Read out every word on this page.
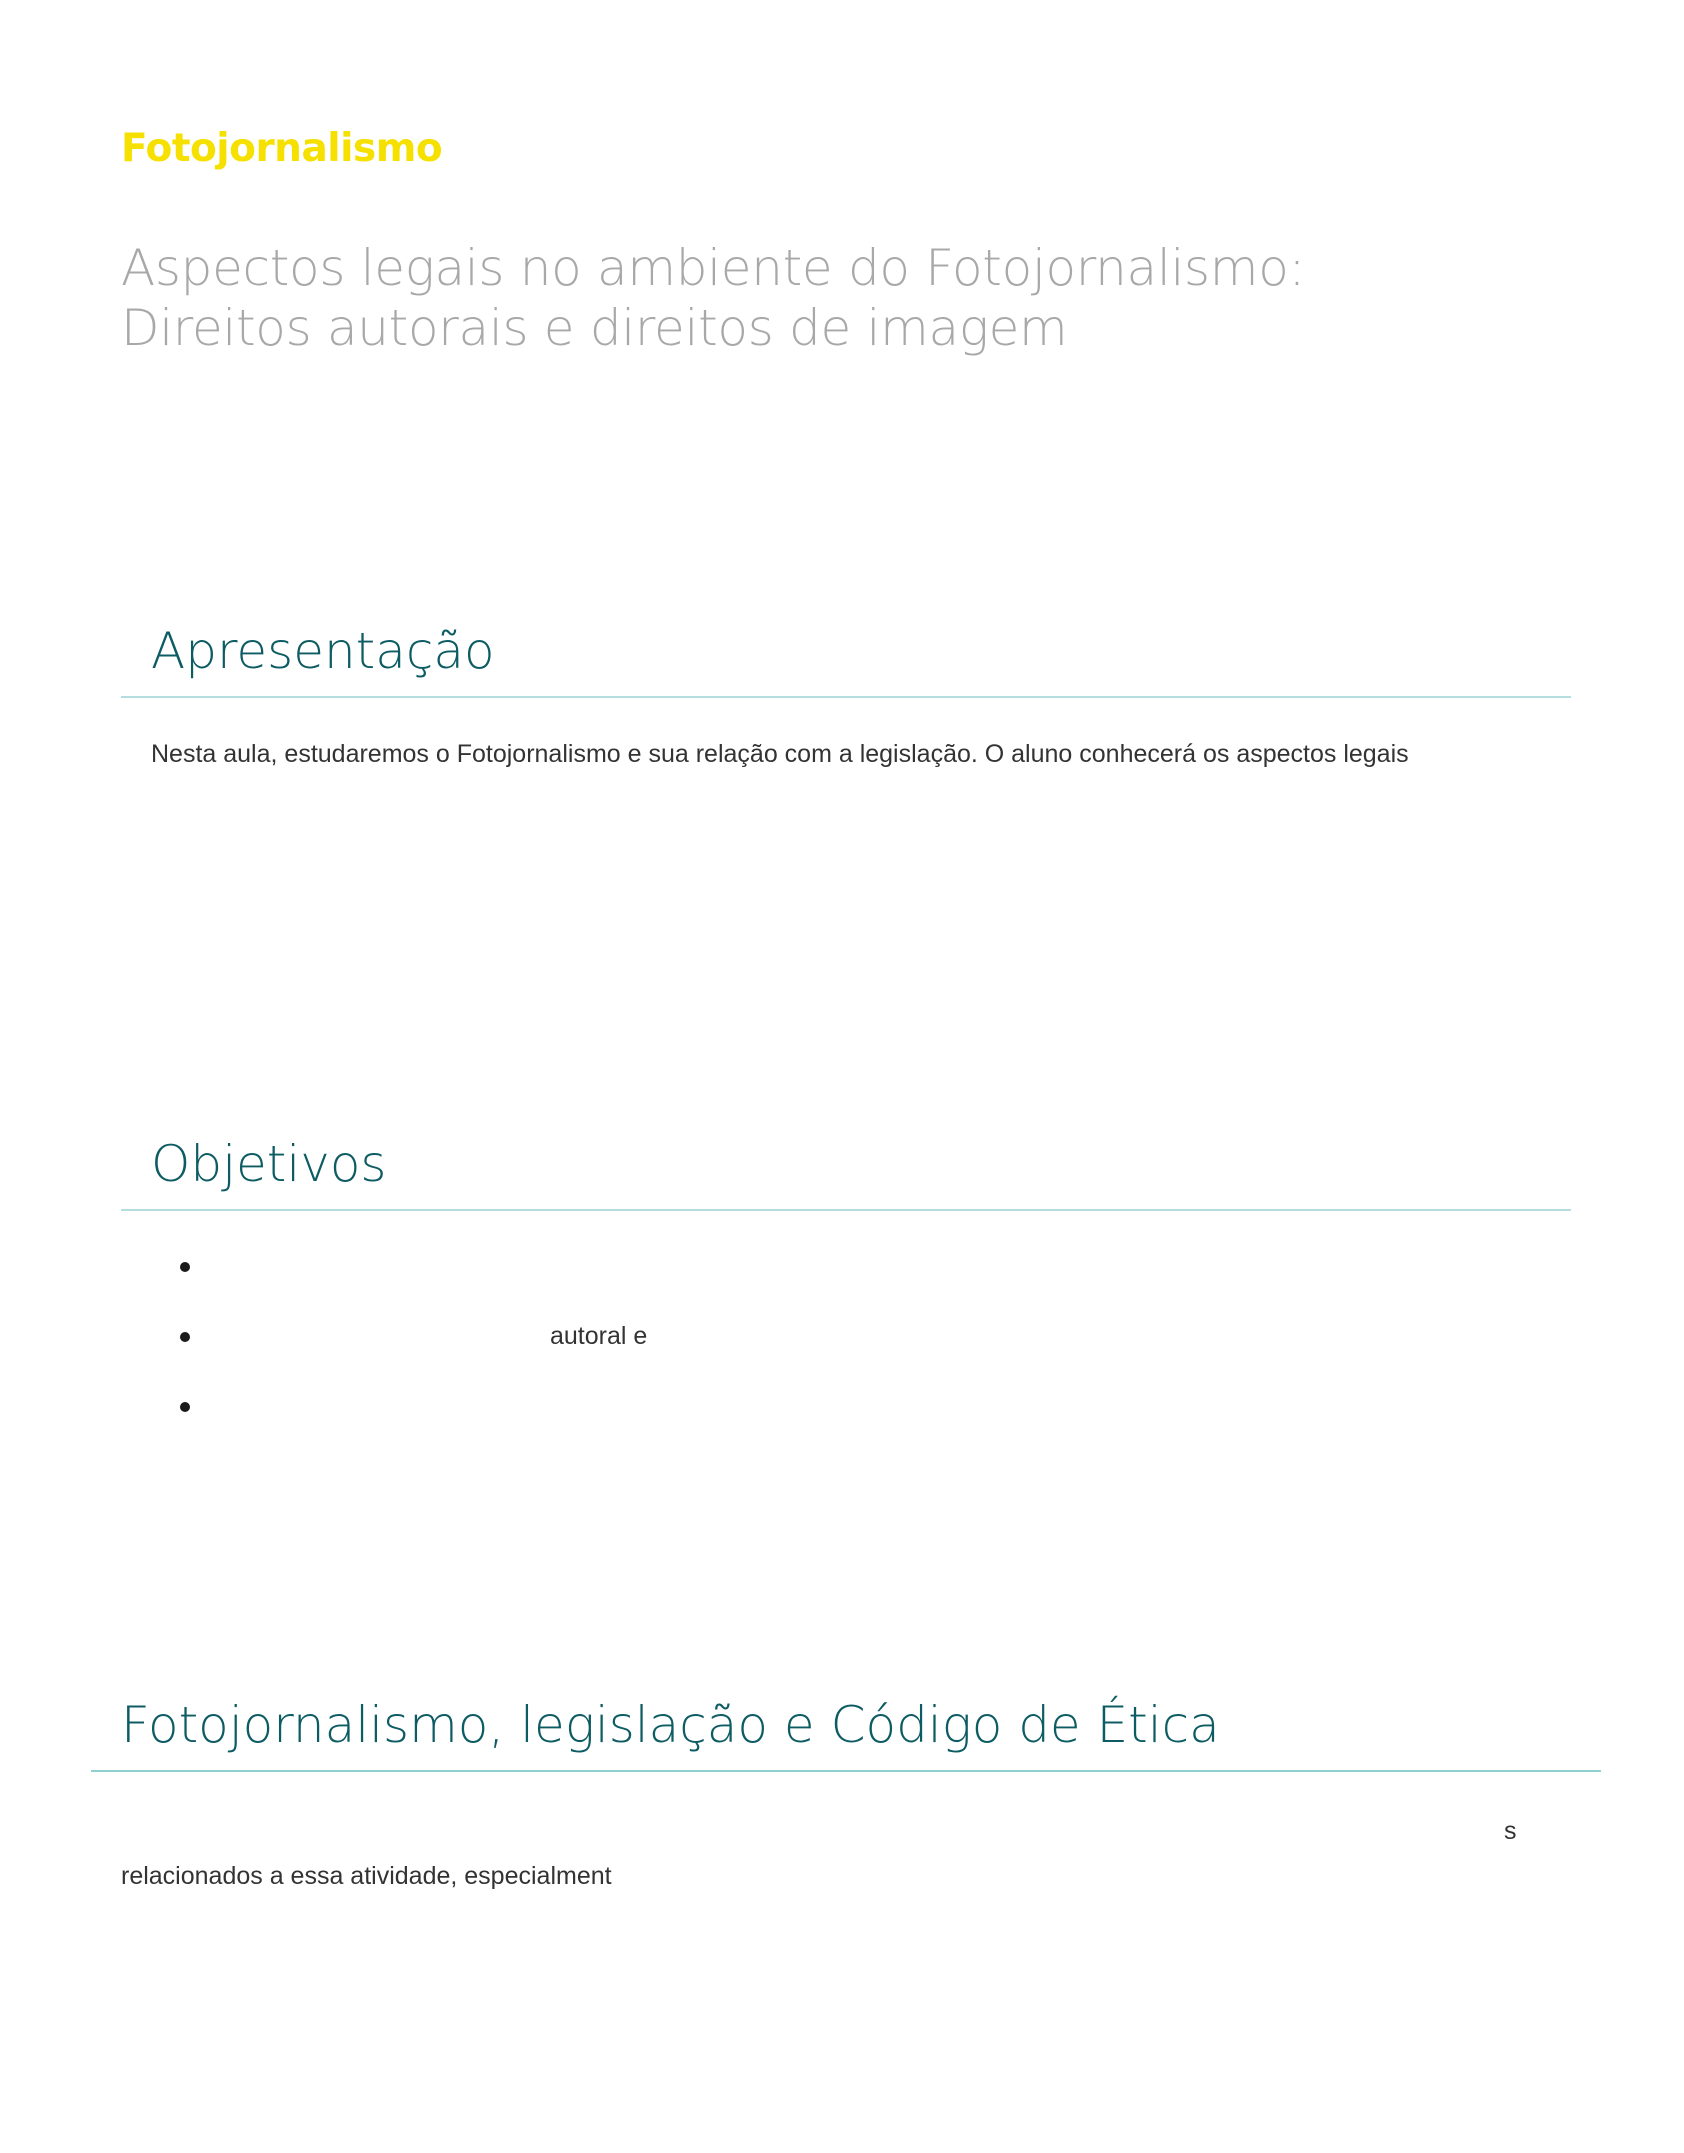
Fotojornalismo
Aspectos legais no ambiente do Fotojornalismo: Direitos autorais e direitos de imagem
Apresentação
Nesta aula, estudaremos o Fotojornalismo e sua relação com a legislação. O aluno conhecerá os aspectos legais
Objetivos
autoral e
Fotojornalismo, legislação e Código de Ética
s
relacionados a essa atividade, especialment
